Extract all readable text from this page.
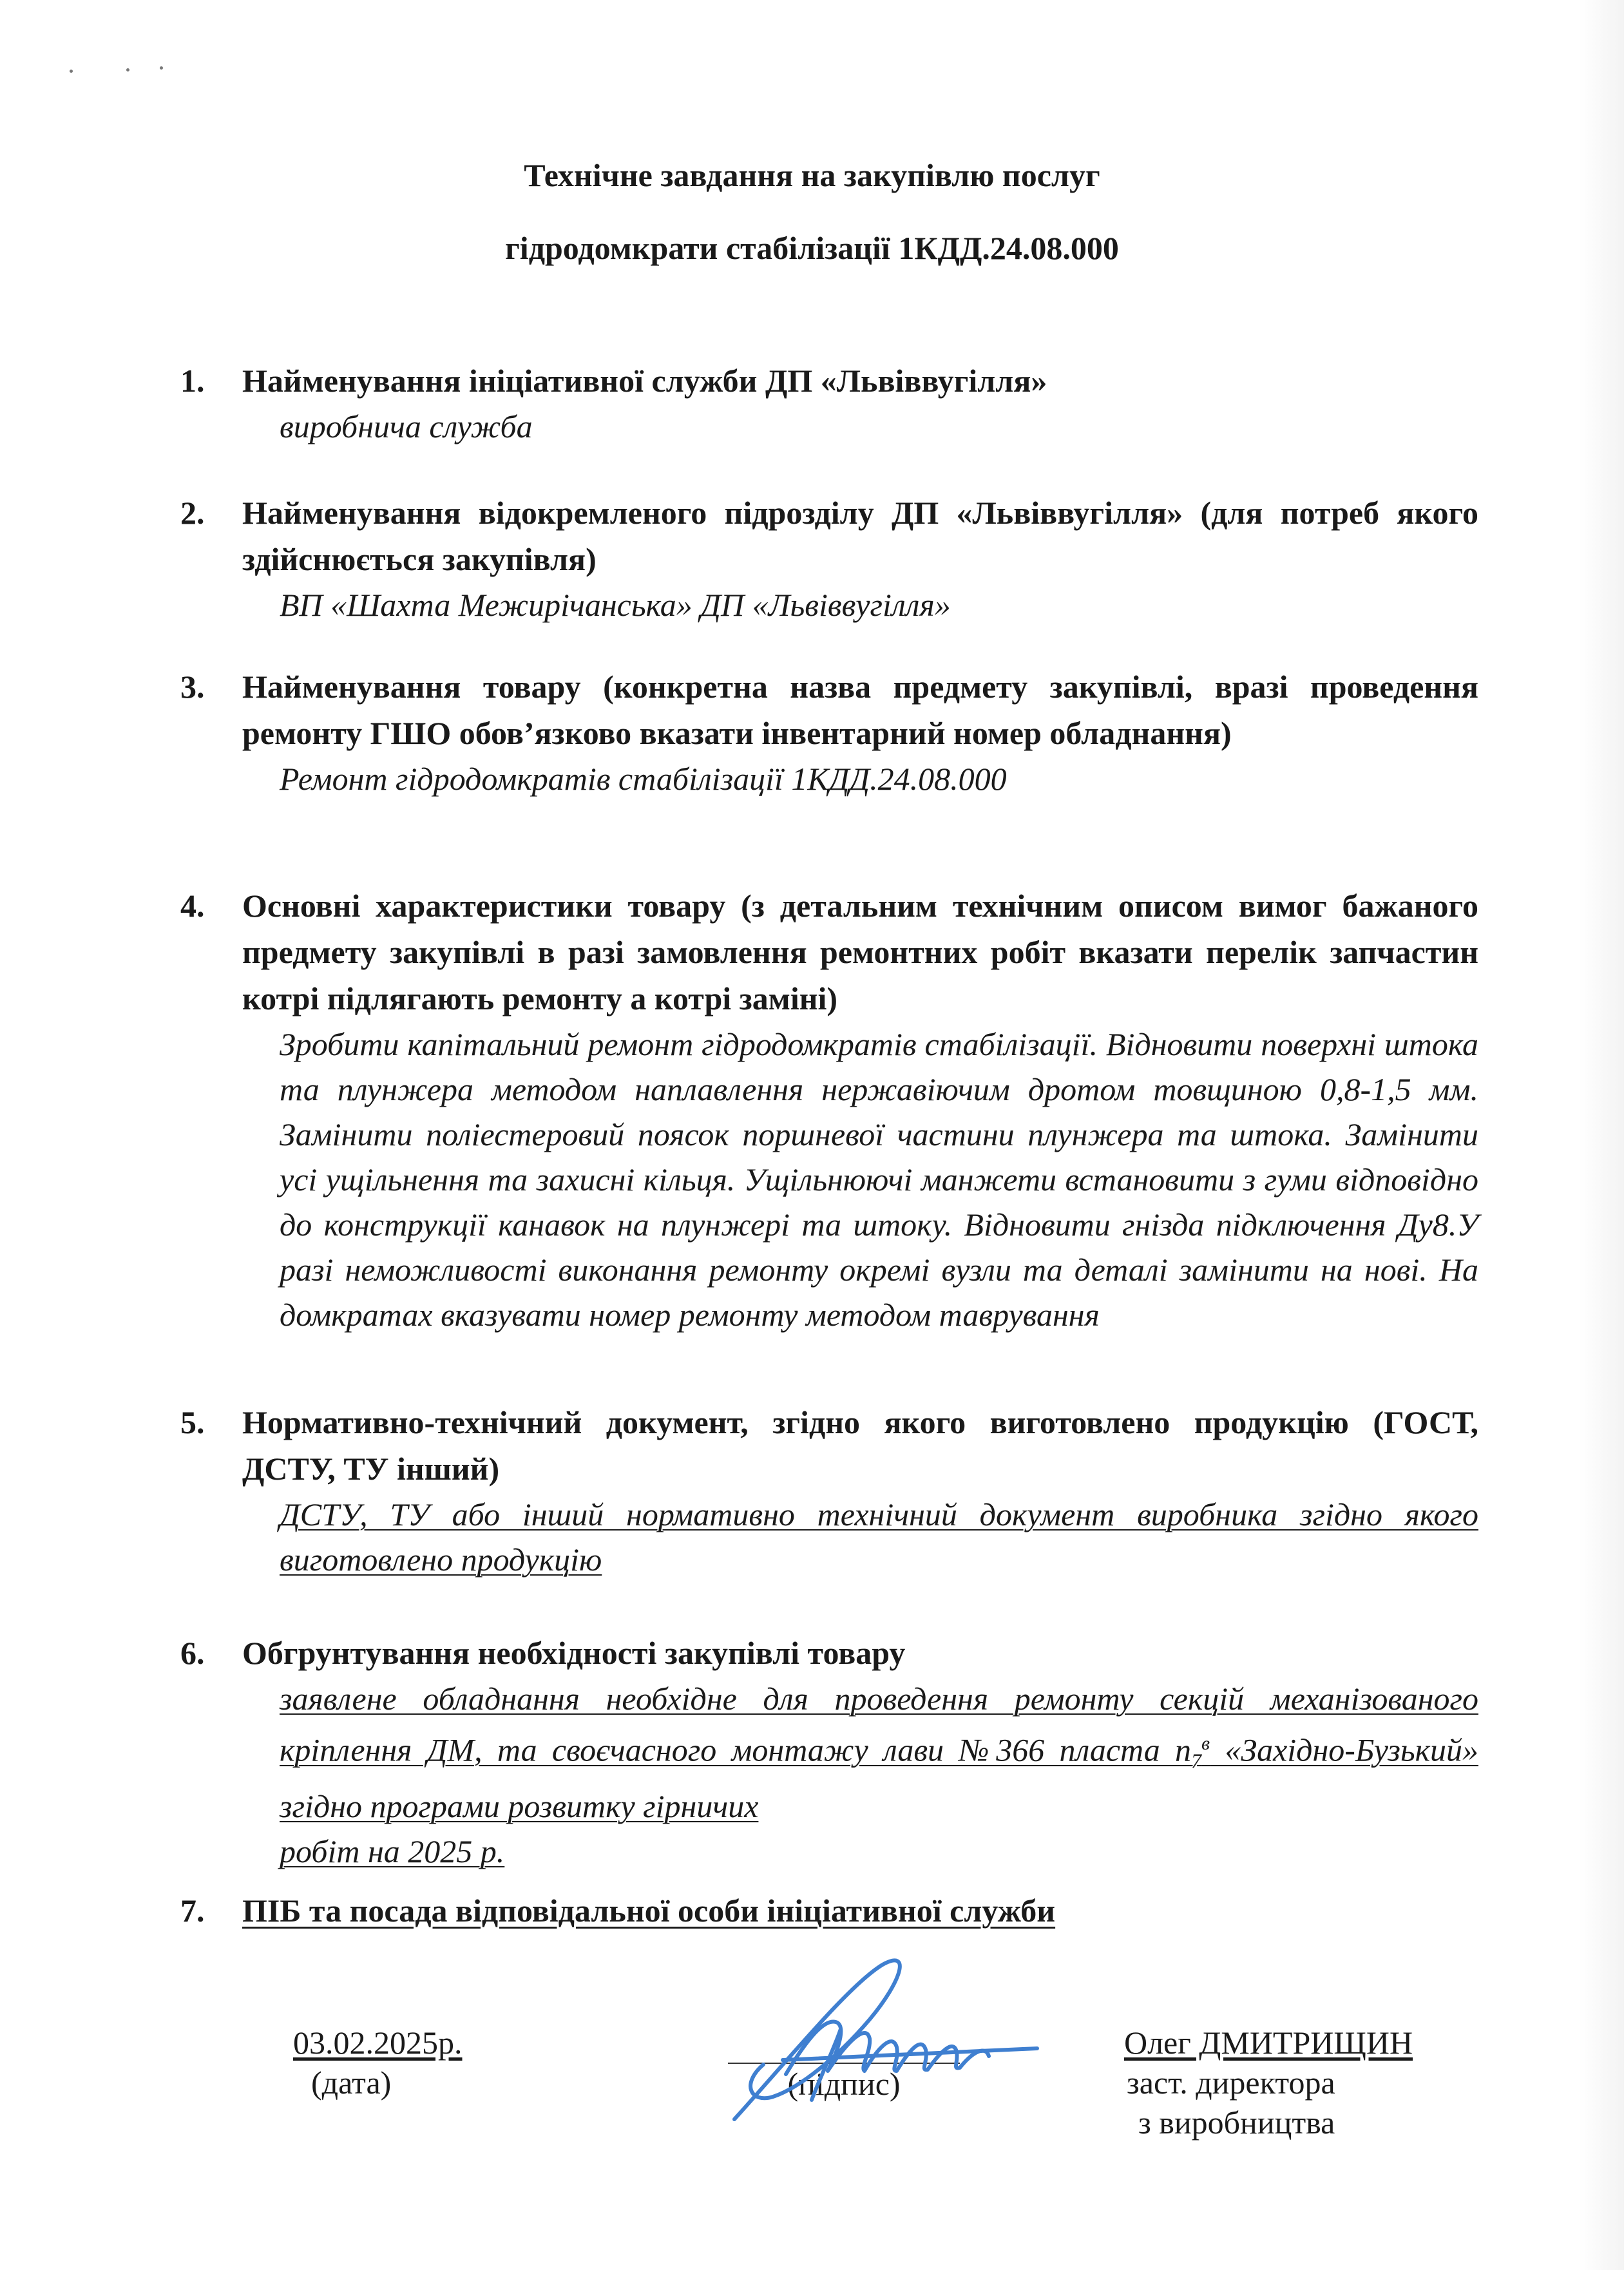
Технічне завдання на закупівлю послуг
гідродомкрати стабілізації 1КДД.24.08.000
1. Найменування ініціативної служби ДП «Львіввугілля»
виробнича служба
2. Найменування відокремленого підрозділу ДП «Львіввугілля» (для потреб якого здійснюється закупівля)
ВП «Шахта Межирічанська» ДП «Львіввугілля»
3. Найменування товару (конкретна назва предмету закупівлі, вразі проведення ремонту ГШО обов’язково вказати інвентарний номер обладнання)
Ремонт гідродомкратів стабілізації 1КДД.24.08.000
4. Основні характеристики товару (з детальним технічним описом вимог бажаного предмету закупівлі в разі замовлення ремонтних робіт вказати перелік запчастин котрі підлягають ремонту а котрі заміні)
Зробити капітальний ремонт гідродомкратів стабілізації. Відновити поверхні штока та плунжера методом наплавлення нержавіючим дротом товщиною 0,8-1,5 мм. Замінити поліестеровий поясок поршневої частини плунжера та штока. Замінити усі ущільнення та захисні кільця. Ущільнюючі манжети встановити з гуми відповідно до конструкції канавок на плунжері та штоку. Відновити гнізда підключення Ду8.У разі неможливості виконання ремонту окремі вузли та деталі замінити на нові. На домкратах вказувати номер ремонту методом таврування
5. Нормативно-технічний документ, згідно якого виготовлено продукцію (ГОСТ, ДСТУ, ТУ інший)
ДСТУ, ТУ або інший нормативно технічний документ виробника згідно якого виготовлено продукцію
6. Обгрунтування необхідності закупівлі товару
заявлене обладнання необхідне для проведення ремонту секцій механізованого кріплення ДМ, та своєчасного монтажу лави №366 пласта $n_7^в$ «Західно-Бузький» згідно програми розвитку гірничих
робіт на 2025 р.
7. ПІБ та посада відповідальної особи ініціативної служби
03.02.2025р.
(дата)	(підпис)
Олег ДМИТРИЩИН
заст. директора
з виробництва
